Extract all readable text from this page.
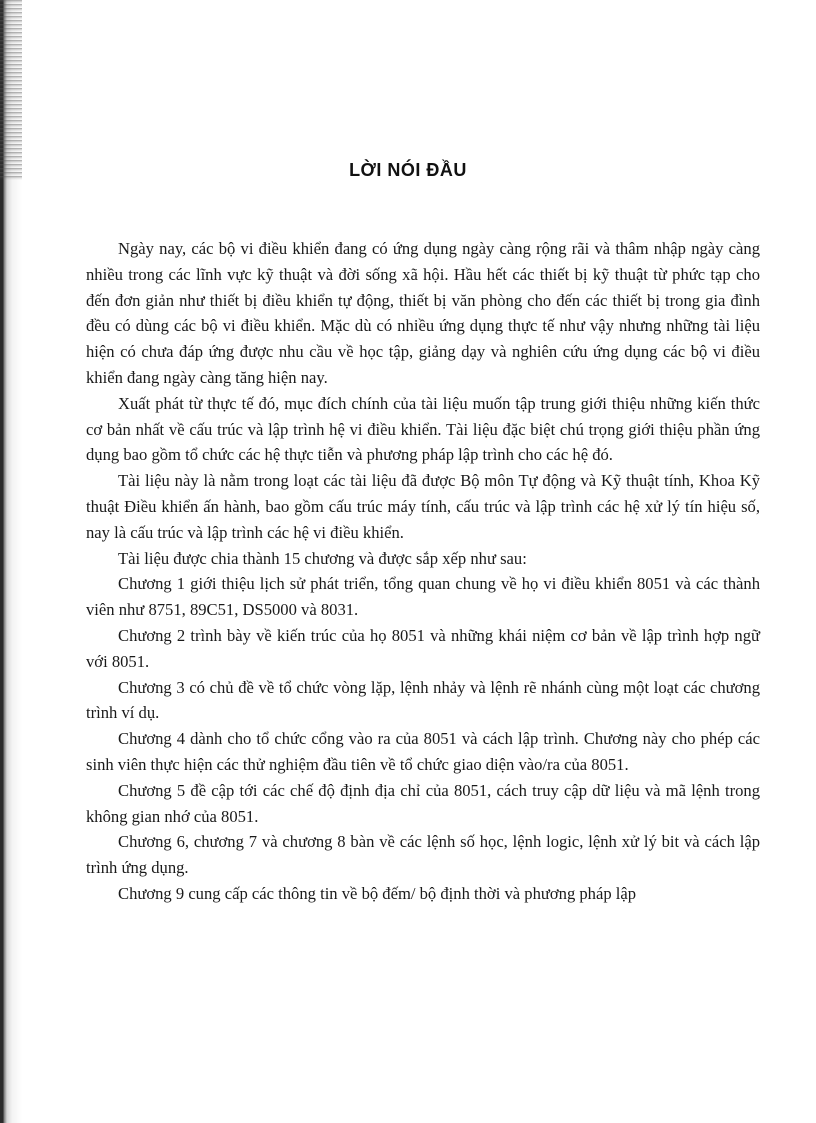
LỜI NÓI ĐẦU

Ngày nay, các bộ vi điều khiển đang có ứng dụng ngày càng rộng rãi và thâm nhập ngày càng nhiều trong các lĩnh vực kỹ thuật và đời sống xã hội. Hầu hết các thiết bị kỹ thuật từ phức tạp cho đến đơn giản như thiết bị điều khiển tự động, thiết bị văn phòng cho đến các thiết bị trong gia đình đều có dùng các bộ vi điều khiển. Mặc dù có nhiều ứng dụng thực tế như vậy nhưng những tài liệu hiện có chưa đáp ứng được nhu cầu về học tập, giảng dạy và nghiên cứu ứng dụng các bộ vi điều khiển đang ngày càng tăng hiện nay.

Xuất phát từ thực tế đó, mục đích chính của tài liệu muốn tập trung giới thiệu những kiến thức cơ bản nhất về cấu trúc và lập trình hệ vi điều khiển. Tài liệu đặc biệt chú trọng giới thiệu phần ứng dụng bao gồm tổ chức các hệ thực tiễn và phương pháp lập trình cho các hệ đó.

Tài liệu này là nằm trong loạt các tài liệu đã được Bộ môn Tự động và Kỹ thuật tính, Khoa Kỹ thuật Điều khiển ấn hành, bao gồm cấu trúc máy tính, cấu trúc và lập trình các hệ xử lý tín hiệu số, nay là cấu trúc và lập trình các hệ vi điều khiển.

Tài liệu được chia thành 15 chương và được sắp xếp như sau:

Chương 1 giới thiệu lịch sử phát triển, tổng quan chung về họ vi điều khiển 8051 và các thành viên như 8751, 89C51, DS5000 và 8031.

Chương 2 trình bày về kiến trúc của họ 8051 và những khái niệm cơ bản về lập trình hợp ngữ với 8051.

Chương 3 có chủ đề về tổ chức vòng lặp, lệnh nhảy và lệnh rẽ nhánh cùng một loạt các chương trình ví dụ.

Chương 4 dành cho tổ chức cổng vào ra của 8051 và cách lập trình. Chương này cho phép các sinh viên thực hiện các thử nghiệm đầu tiên về tổ chức giao diện vào/ra của 8051.

Chương 5 đề cập tới các chế độ định địa chỉ của 8051, cách truy cập dữ liệu và mã lệnh trong không gian nhớ của 8051.

Chương 6, chương 7 và chương 8 bàn về các lệnh số học, lệnh logic, lệnh xử lý bit và cách lập trình ứng dụng.

Chương 9 cung cấp các thông tin về bộ đếm/ bộ định thời và phương pháp lập
